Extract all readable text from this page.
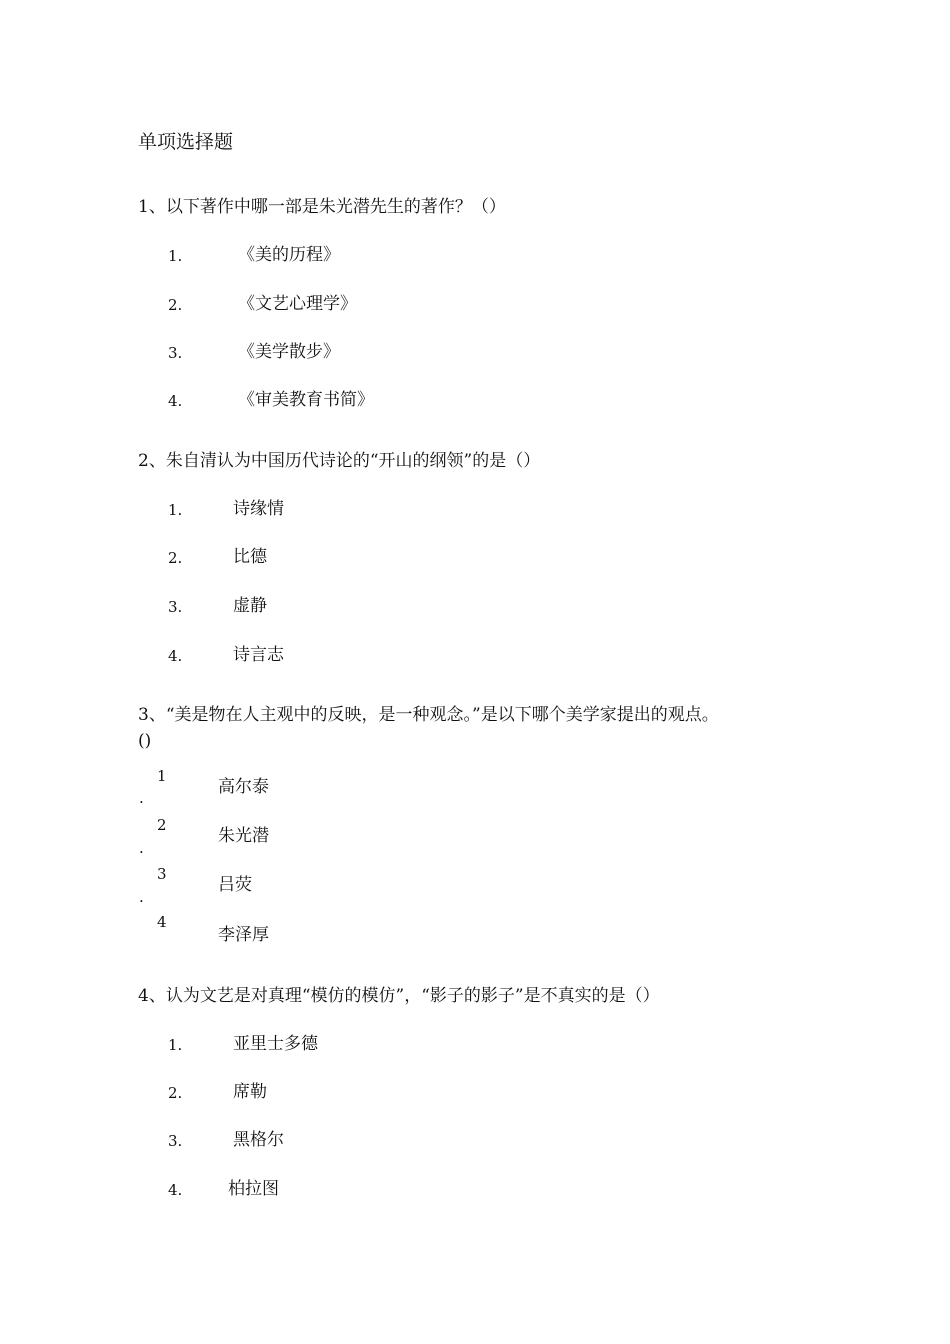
单项选择题
1、以下著作中哪一部是朱光潜先生的著作？（）
1.	《美的历程》
2.	《文艺心理学》
3.	《美学散步》
4.	《审美教育书简》
2、朱自清认为中国历代诗论的“开山的纲领”的是（）
1.	诗缘情
2.	比德
3.	虚静
4.	诗言志
3、“美是物在人主观中的反映，是一种观念。”是以下哪个美学家提出的观点。
()
1
.
高尔泰
2
.
朱光潜
3
.
吕荧
4
李泽厚
4、认为文艺是对真理“模仿的模仿”，“影子的影子”是不真实的是（）
1.	亚里士多德
2.	席勒
3.	黑格尔
4.	柏拉图
